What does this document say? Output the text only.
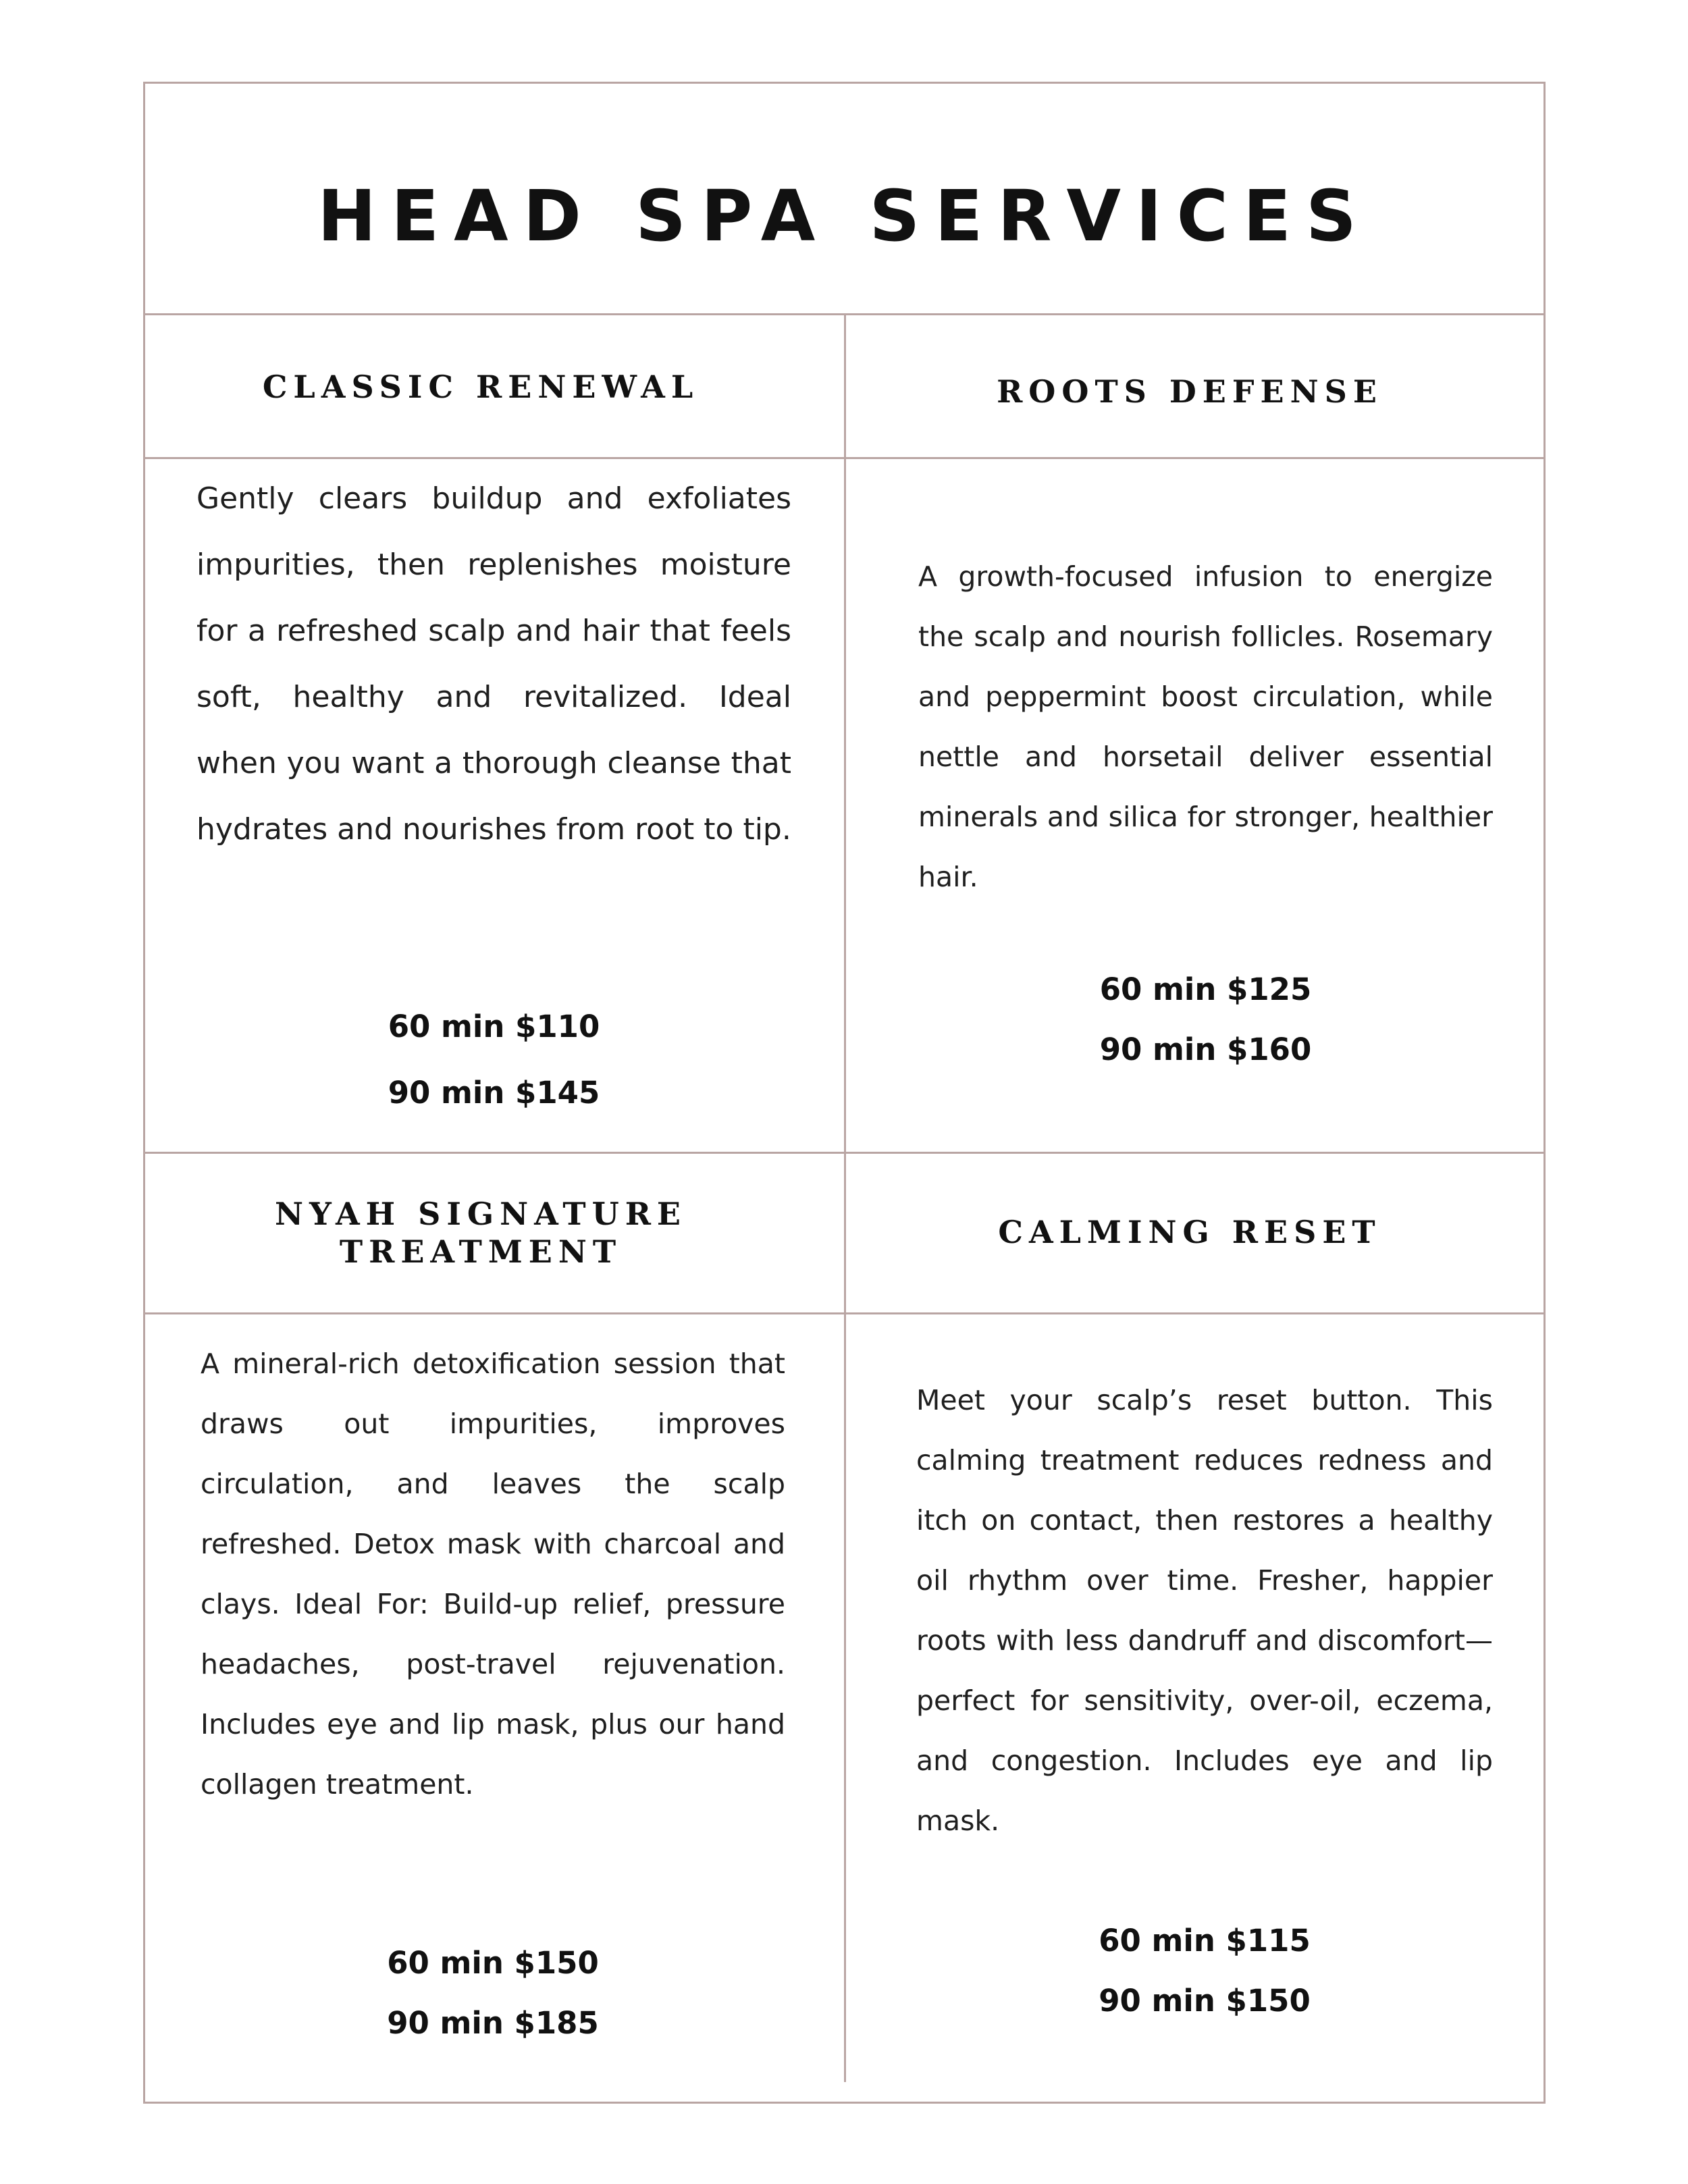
HEAD SPA SERVICES
CLASSIC RENEWAL

Gently clears buildup and exfoliates impurities, then replenishes moisture for a refreshed scalp and hair that feels soft, healthy and revitalized. Ideal when you want a thorough cleanse that hydrates and nourishes from root to tip.

60 min $110

90 min $145

ROOTS DEFENSE

A growth-focused infusion to energize the scalp and nourish follicles. Rosemary and peppermint boost circulation, while nettle and horsetail deliver essential minerals and silica for stronger, healthier hair.

60 min $125

90 min $160

NYAH SIGNATURE TREATMENT

A mineral-rich detoxification session that draws out impurities, improves circulation, and leaves the scalp refreshed. Detox mask with charcoal and clays. Ideal For: Build-up relief, pressure headaches, post-travel rejuvenation. Includes eye and lip mask, plus our hand collagen treatment.

60 min $150

90 min $185

CALMING RESET

Meet your scalp’s reset button. This calming treatment reduces redness and itch on contact, then restores a healthy oil rhythm over time. Fresher, happier roots with less dandruff and discomfort—perfect for sensitivity, over-oil, eczema, and congestion. Includes eye and lip mask.

60 min $115

90 min $150
